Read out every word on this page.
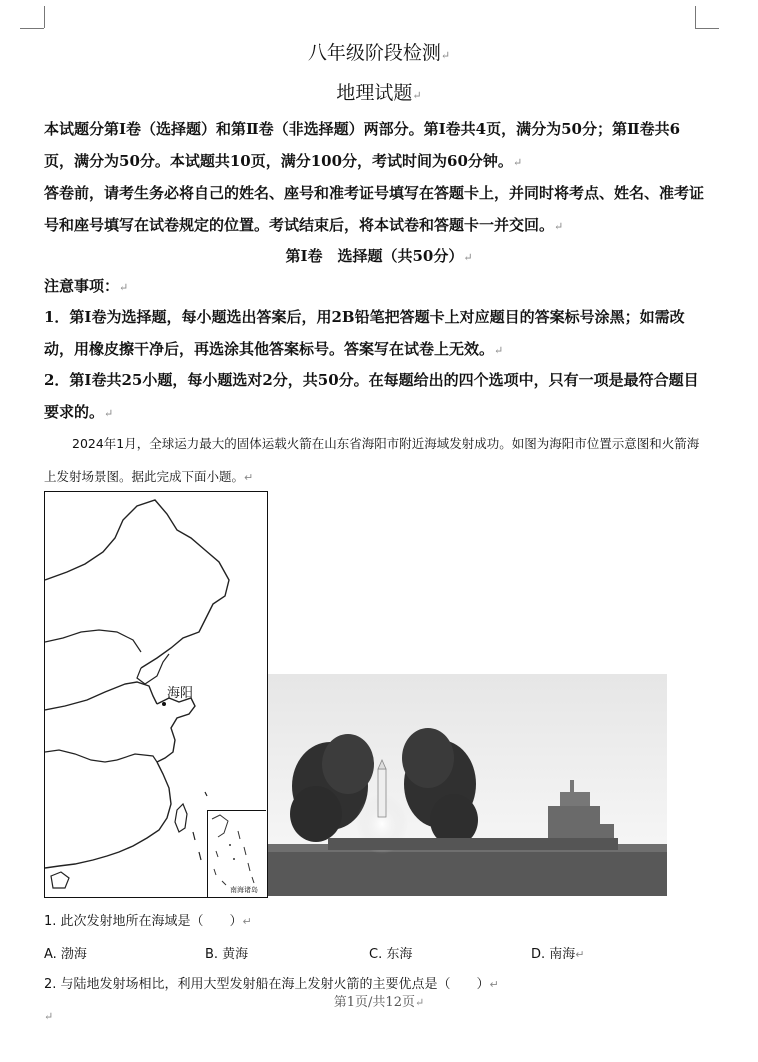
八年级阶段检测↵
地理试题↵
本试题分第Ⅰ卷（选择题）和第Ⅱ卷（非选择题）两部分。第Ⅰ卷共4页，满分为50分；第Ⅱ卷共6页，满分为50分。本试题共10页，满分100分，考试时间为60分钟。↵
答卷前，请考生务必将自己的姓名、座号和准考证号填写在答题卡上，并同时将考点、姓名、准考证号和座号填写在试卷规定的位置。考试结束后，将本试卷和答题卡一并交回。↵
第Ⅰ卷　选择题（共50分）↵
注意事项：↵
1．第Ⅰ卷为选择题，每小题选出答案后，用2B铅笔把答题卡上对应题目的答案标号涂黑；如需改动，用橡皮擦干净后，再选涂其他答案标号。答案写在试卷上无效。↵
2．第Ⅰ卷共25小题，每小题选对2分，共50分。在每题给出的四个选项中，只有一项是最符合题目要求的。↵
2024年1月，全球运力最大的固体运载火箭在山东省海阳市附近海域发射成功。如图为海阳市位置示意图和火箭海上发射场景图。据此完成下面小题。↵
海阳
南海诸岛
1. 此次发射地所在海域是（　　）↵
A. 渤海	B. 黄海	C. 东海	D. 南海↵
2. 与陆地发射场相比，利用大型发射船在海上发射火箭的主要优点是（　　）↵
第1页/共12页↵
↵
